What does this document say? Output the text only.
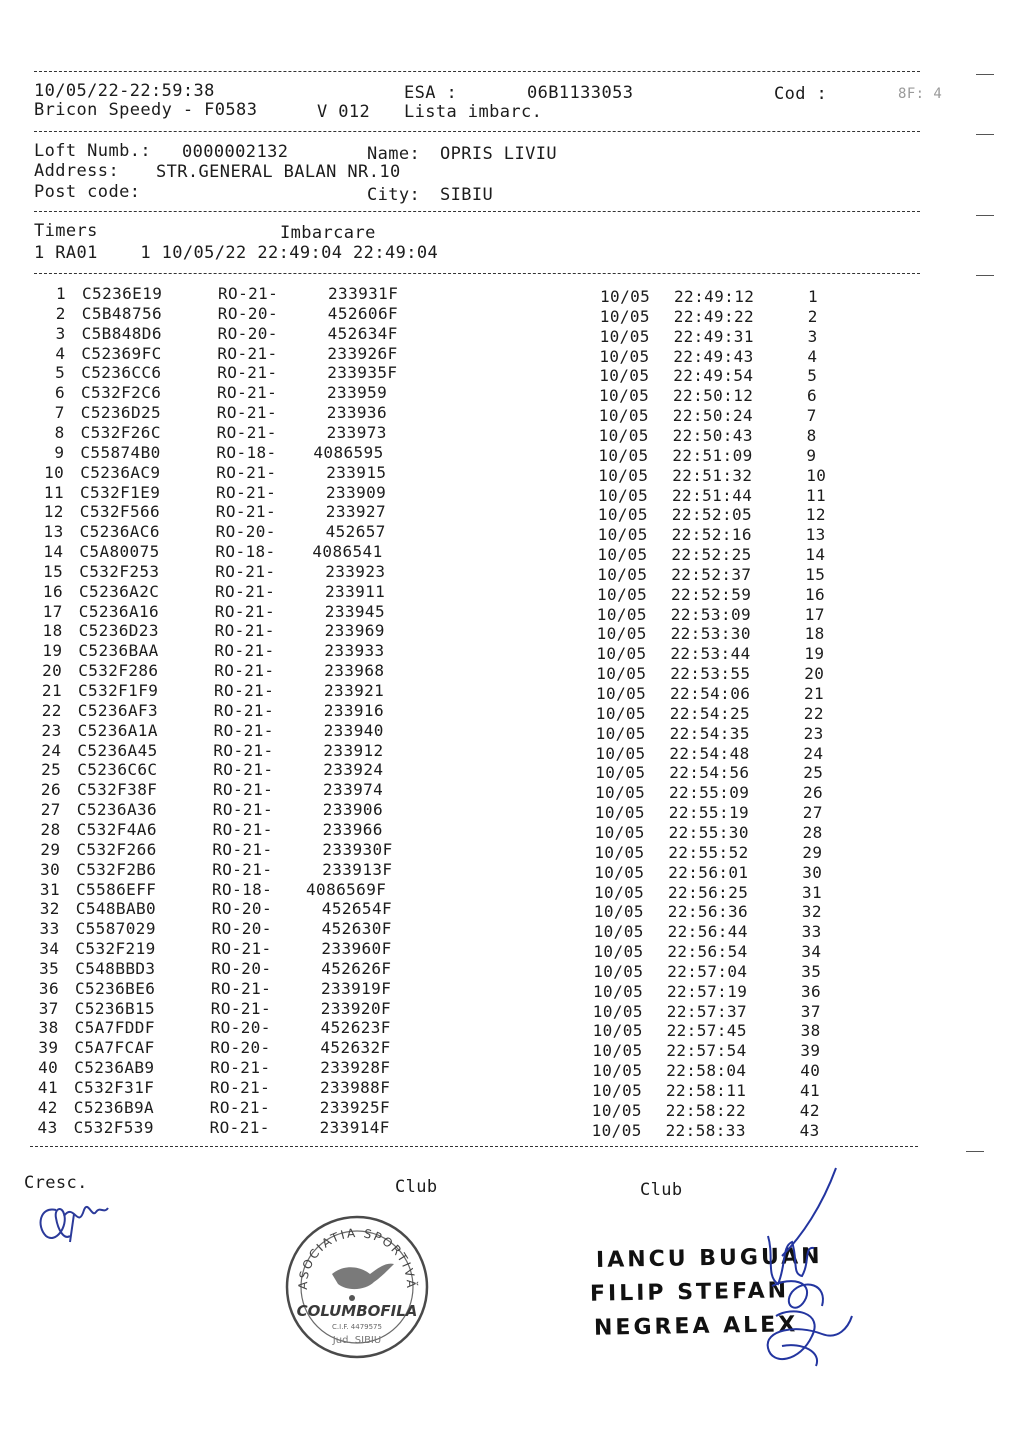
10/05/22-22:59:38	ESA :	06B1133053	Cod :	8F: 4
Bricon Speedy - F0583	V 012 Lista imbarc.
Loft Numb.: 0000002132	Name: OPRIS LIVIU
Address: STR.GENERAL BALAN NR.10
Post code:	City: SIBIU
Timers	Imbarcare
1 RA01    1 10/05/22 22:49:04 22:49:04
1 C5236E19	RO-21-	233931F	10/05 22:49:12	1
2 C5B48756	RO-20-	452606F	10/05 22:49:22	2
3 C5B848D6	RO-20-	452634F	10/05 22:49:31	3
4 C52369FC	RO-21-	233926F	10/05 22:49:43	4
5 C5236CC6	RO-21-	233935F	10/05 22:49:54	5
6 C532F2C6	RO-21-	233959	10/05 22:50:12	6
7 C5236D25	RO-21-	233936	10/05 22:50:24	7
8 C532F26C	RO-21-	233973	10/05 22:50:43	8
9 C55874B0	RO-18- 4086595	10/05 22:51:09	9
10 C5236AC9	RO-21-	233915	10/05 22:51:32	10
11 C532F1E9	RO-21-	233909	10/05 22:51:44	11
12 C532F566	RO-21-	233927	10/05 22:52:05	12
13 C5236AC6	RO-20-	452657	10/05 22:52:16	13
14 C5A80075	RO-18- 4086541	10/05 22:52:25	14
15 C532F253	RO-21-	233923	10/05 22:52:37	15
16 C5236A2C	RO-21-	233911	10/05 22:52:59	16
17 C5236A16	RO-21-	233945	10/05 22:53:09	17
18 C5236D23	RO-21-	233969	10/05 22:53:30	18
19 C5236BAA	RO-21-	233933	10/05 22:53:44	19
20 C532F286	RO-21-	233968	10/05 22:53:55	20
21 C532F1F9	RO-21-	233921	10/05 22:54:06	21
22 C5236AF3	RO-21-	233916	10/05 22:54:25	22
23 C5236A1A	RO-21-	233940	10/05 22:54:35	23
24 C5236A45	RO-21-	233912	10/05 22:54:48	24
25 C5236C6C	RO-21-	233924	10/05 22:54:56	25
26 C532F38F	RO-21-	233974	10/05 22:55:09	26
27 C5236A36	RO-21-	233906	10/05 22:55:19	27
28 C532F4A6	RO-21-	233966	10/05 22:55:30	28
29 C532F266	RO-21-	233930F	10/05 22:55:52	29
30 C532F2B6	RO-21-	233913F	10/05 22:56:01	30
31 C5586EFF	RO-18- 4086569F	10/05 22:56:25	31
32 C548BAB0	RO-20-	452654F	10/05 22:56:36	32
33 C5587029	RO-20-	452630F	10/05 22:56:44	33
34 C532F219	RO-21-	233960F	10/05 22:56:54	34
35 C548BBD3	RO-20-	452626F	10/05 22:57:04	35
36 C5236BE6	RO-21-	233919F	10/05 22:57:19	36
37 C5236B15	RO-21-	233920F	10/05 22:57:37	37
38 C5A7FDDF	RO-20-	452623F	10/05 22:57:45	38
39 C5A7FCAF	RO-20-	452632F	10/05 22:57:54	39
40 C5236AB9	RO-21-	233928F	10/05 22:58:04	40
41 C532F31F	RO-21-	233988F	10/05 22:58:11	41
42 C5236B9A	RO-21-	233925F	10/05 22:58:22	42
43 C532F539	RO-21-	233914F	10/05 22:58:33	43
Cresc.	Club	Club
ASOCIATIA SPORTIVĂ
COLUMBOFILA
C.I.F. 4479575
Jud. SIBIU
IANCU BUGUAN
FILIP STEFAN
NEGREA ALEX
